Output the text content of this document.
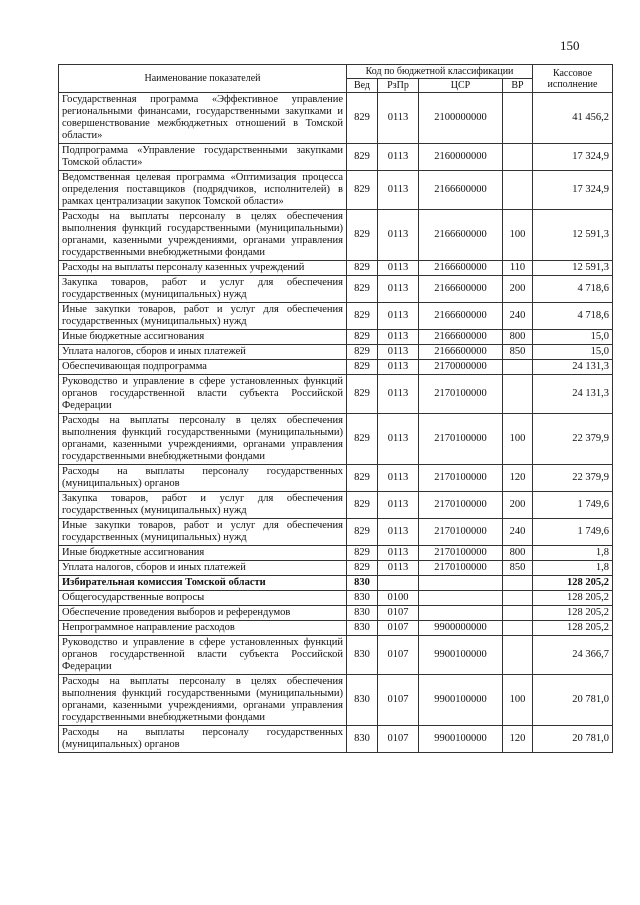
150
Наименование показателей	Код по бюджетной классификации				Кассовое исполнение
	Вед	РзПр	ЦСР	ВР	
Государственная программа «Эффективное управление региональными финансами, государственными закупками и совершенствование межбюджетных отношений в Томской области»	829	0113	2100000000		41 456,2
Подпрограмма «Управление государственными закупками Томской области»	829	0113	2160000000		17 324,9
Ведомственная целевая программа «Оптимизация процесса определения поставщиков (подрядчиков, исполнителей) в рамках централизации закупок Томской области»	829	0113	2166600000		17 324,9
Расходы на выплаты персоналу в целях обеспечения выполнения функций государственными (муниципальными) органами, казенными учреждениями, органами управления государственными внебюджетными фондами	829	0113	2166600000	100	12 591,3
Расходы на выплаты персоналу казенных учреждений	829	0113	2166600000	110	12 591,3
Закупка товаров, работ и услуг для обеспечения государственных (муниципальных) нужд	829	0113	2166600000	200	4 718,6
Иные закупки товаров, работ и услуг для обеспечения государственных (муниципальных) нужд	829	0113	2166600000	240	4 718,6
Иные бюджетные ассигнования	829	0113	2166600000	800	15,0
Уплата налогов, сборов и иных платежей	829	0113	2166600000	850	15,0
Обеспечивающая подпрограмма	829	0113	2170000000		24 131,3
Руководство и управление в сфере установленных функций органов государственной власти субъекта Российской Федерации	829	0113	2170100000		24 131,3
Расходы на выплаты персоналу в целях обеспечения выполнения функций государственными (муниципальными) органами, казенными учреждениями, органами управления государственными внебюджетными фондами	829	0113	2170100000	100	22 379,9
Расходы на выплаты персоналу государственных (муниципальных) органов	829	0113	2170100000	120	22 379,9
Закупка товаров, работ и услуг для обеспечения государственных (муниципальных) нужд	829	0113	2170100000	200	1 749,6
Иные закупки товаров, работ и услуг для обеспечения государственных (муниципальных) нужд	829	0113	2170100000	240	1 749,6
Иные бюджетные ассигнования	829	0113	2170100000	800	1,8
Уплата налогов, сборов и иных платежей	829	0113	2170100000	850	1,8
Избирательная комиссия Томской области	830				128 205,2
Общегосударственные вопросы	830	0100			128 205,2
Обеспечение проведения выборов и референдумов	830	0107			128 205,2
Непрограммное направление расходов	830	0107	9900000000		128 205,2
Руководство и управление в сфере установленных функций органов государственной власти субъекта Российской Федерации	830	0107	9900100000		24 366,7
Расходы на выплаты персоналу в целях обеспечения выполнения функций государственными (муниципальными) органами, казенными учреждениями, органами управления государственными внебюджетными фондами	830	0107	9900100000	100	20 781,0
Расходы на выплаты персоналу государственных (муниципальных) органов	830	0107	9900100000	120	20 781,0
